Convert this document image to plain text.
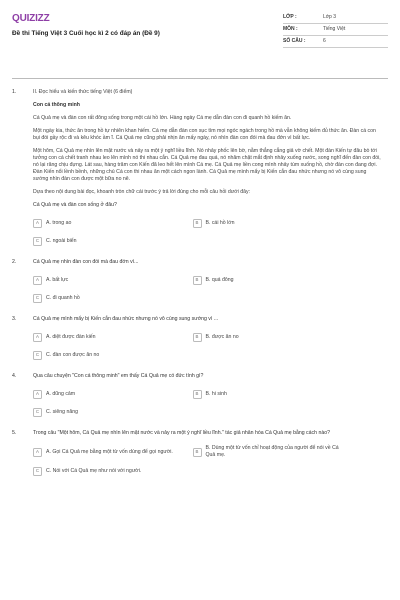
QUIZIZZ
Đề thi Tiếng Việt 3 Cuối học kì 2 có đáp án (Đề 9)
LỚP :	Lớp 3
MÔN :	Tiếng Việt
SỐ CÂU :	6
1.	II. Đọc hiểu và kiến thức tiếng Việt (6 điểm)
Con cá thông minh
Cá Quả mẹ và đàn con rất đông sống trong một cái hồ lớn. Hàng ngày Cá mẹ dẫn đàn con đi quanh hồ kiếm ăn.
Một ngày kia, thức ăn trong hồ tự nhiên khan hiếm. Cá mẹ dẫn đàn con sục tìm mọi ngóc ngách trong hồ mà vẫn không kiếm đủ thức ăn. Đàn cá con bụi đói gầy rộc đi và kêu khóc ầm ĩ. Cá Quả mẹ cũng phải nhịn ăn mấy ngày, nó nhìn đàn con đói mà đau đớn vì bất lực.
Một hôm, Cá Quả mẹ nhìn lên mặt nước và nảy ra một ý nghĩ liều lĩnh. Nó nhảy phốc lên bờ, nằm thẳng cẳng giả vờ chết. Một đàn Kiến tự đâu bò tới tưởng con cá chết tranh nhau leo lên mình nó thi nhau cắn. Cá Quả mẹ đau quá, nó nhăm chặt mắt định nhảy xuống nước, song nghĩ đến đàn con đói, nó lại răng chịu đựng. Lát sau, hàng trăm con Kiến đã leo hết lên mình Cá mẹ. Cá Quả mẹ liền cong mình nhảy tùm xuống hồ, chờ đàn con đang đợi. Đàn Kiến nổi lềnh bềnh, những chú Cá con thi nhau ăn một cách ngon lành. Cá Quả mẹ mình mẩy bị Kiến cắn đau nhức nhưng nó vô cùng sung sướng nhìn đàn con được một bữa no nê.
Dựa theo nội dung bài đọc, khoanh tròn chữ cái trước ý trả lời đúng cho mỗi câu hỏi dưới đây:
Cá Quả mẹ và đàn con sống ở đâu?
A	A. trong ao	B	B. cái hồ lớn
C	C. ngoài biển
2.	Cá Quả mẹ nhìn đàn con đói mà đau đớn vì...
A	A. bất lực	B	B. quá đông
C	C. đi quanh hồ
3.	Cá Quả mẹ mình mẩy bị Kiến cắn đau nhức nhưng nó vô cùng sung sướng vì ...
A	A. diệt được đàn kiến	B	B. được ăn no
C	C. đàn con được ăn no
4.	Qua câu chuyện "Con cá thông minh" em thấy Cá Quả mẹ có đức tính gì?
A	A. dũng cảm	B	B. hi sinh
C	C. siêng năng
5.	Trong câu "Một hôm, Cá Quả mẹ nhìn lên mặt nước và nảy ra một ý nghĩ liều lĩnh." tác giả nhân hóa Cá Quả mẹ bằng cách nào?
A	A. Gọi Cá Quả mẹ bằng một từ vốn dùng để gọi người.	B
B. Dùng một từ vốn chỉ hoạt động của người để nói về Cá Quả mẹ.
C	C. Nói với Cá Quả mẹ như nói với người.
